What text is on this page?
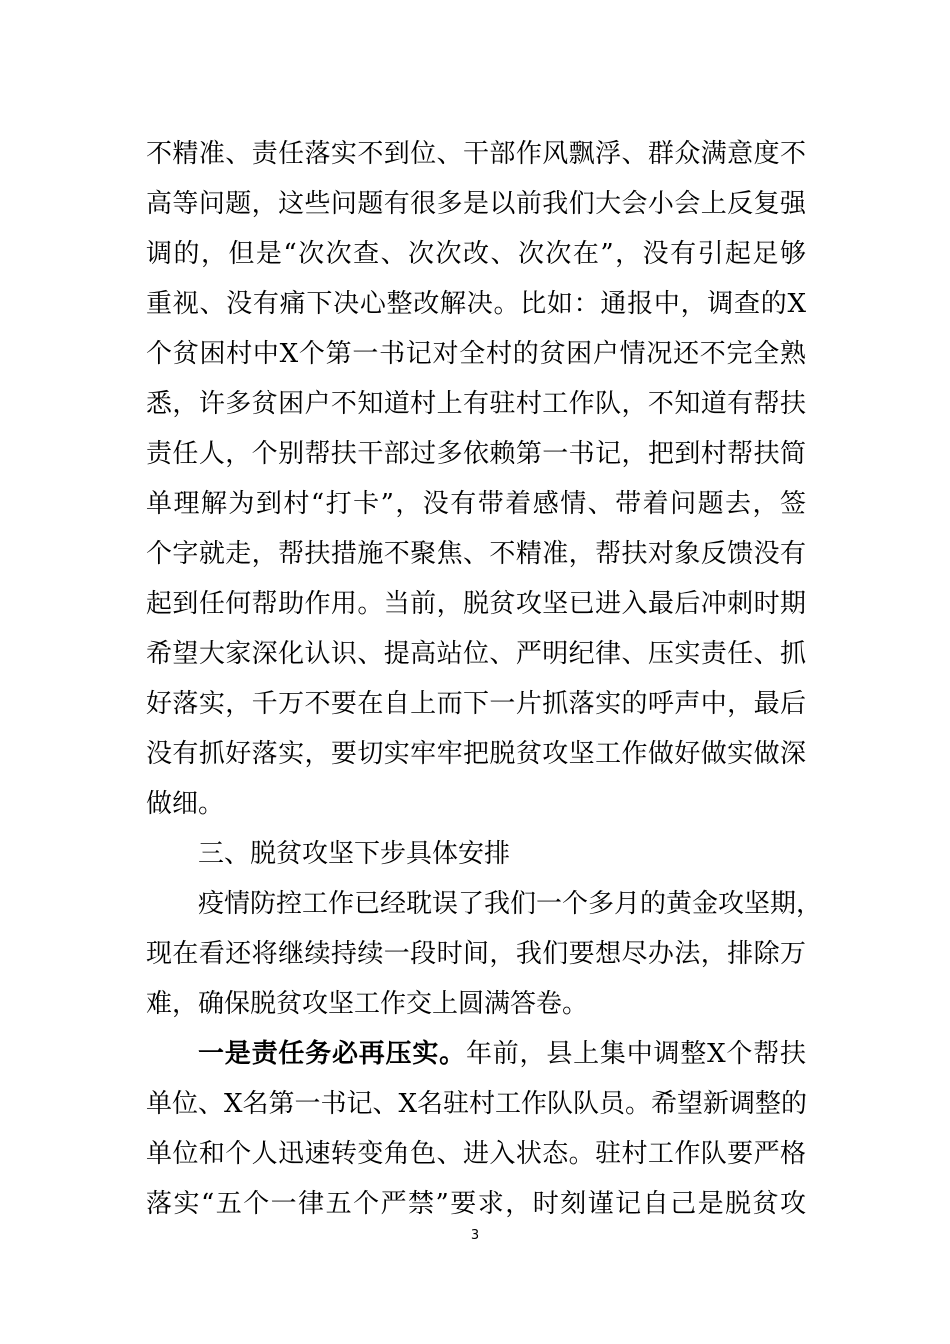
不精准、责任落实不到位、干部作风飘浮、群众满意度不
高等问题，这些问题有很多是以前我们大会小会上反复强
调的，但是“次次查、次次改、次次在”，没有引起足够
重视、没有痛下决心整改解决。比如：通报中，调查的X
个贫困村中X个第一书记对全村的贫困户情况还不完全熟
悉，许多贫困户不知道村上有驻村工作队，不知道有帮扶
责任人，个别帮扶干部过多依赖第一书记，把到村帮扶简
单理解为到村“打卡”，没有带着感情、带着问题去，签
个字就走，帮扶措施不聚焦、不精准，帮扶对象反馈没有
起到任何帮助作用。当前，脱贫攻坚已进入最后冲刺时期
希望大家深化认识、提高站位、严明纪律、压实责任、抓
好落实，千万不要在自上而下一片抓落实的呼声中，最后
没有抓好落实，要切实牢牢把脱贫攻坚工作做好做实做深
做细。
三、脱贫攻坚下步具体安排
疫情防控工作已经耽误了我们一个多月的黄金攻坚期，
现在看还将继续持续一段时间，我们要想尽办法，排除万
难，确保脱贫攻坚工作交上圆满答卷。
一是责任务必再压实。年前，县上集中调整X个帮扶
单位、X名第一书记、X名驻村工作队队员。希望新调整的
单位和个人迅速转变角色、进入状态。驻村工作队要严格
落实“五个一律五个严禁”要求，时刻谨记自己是脱贫攻
3
